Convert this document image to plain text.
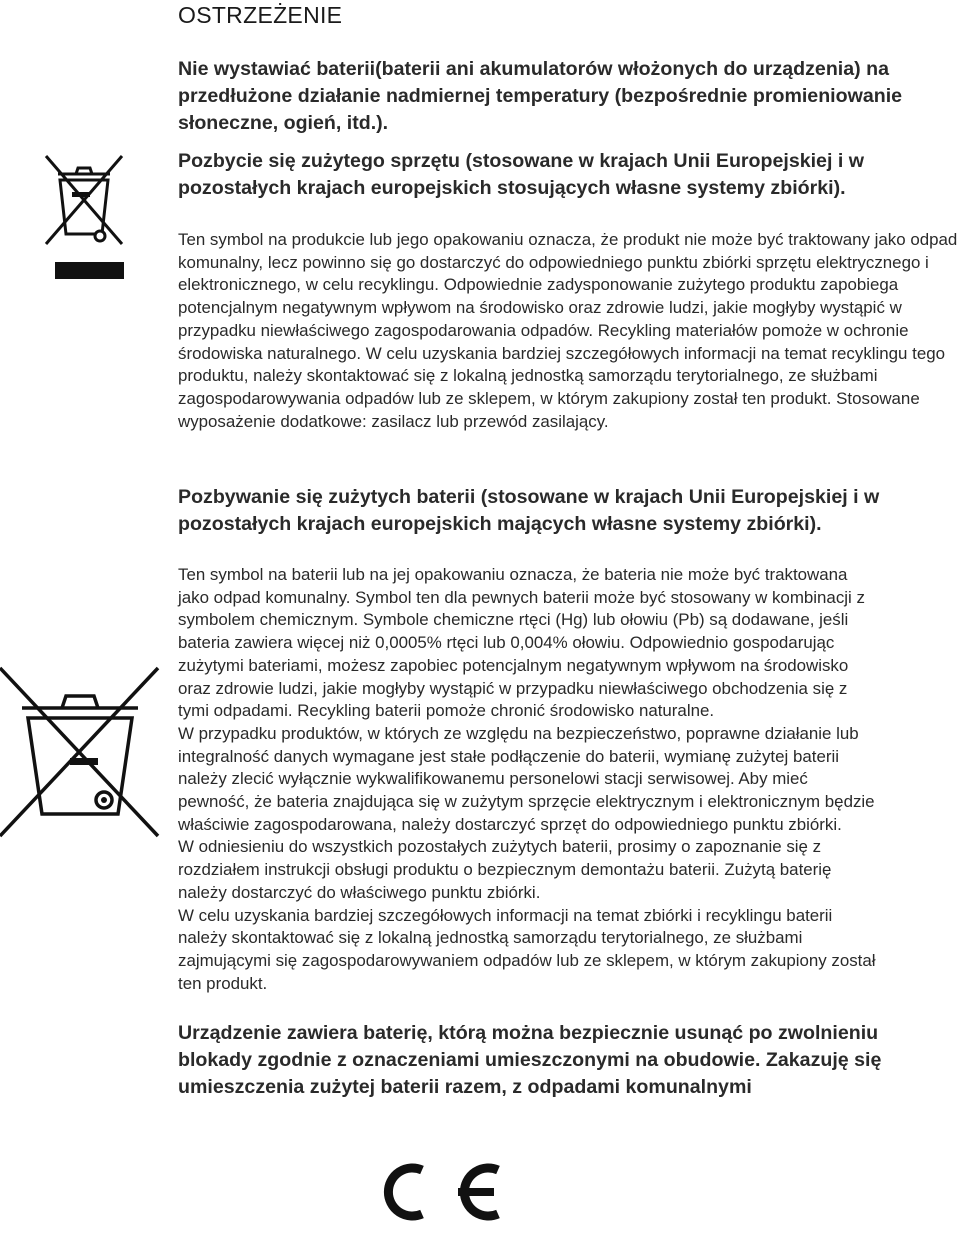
OSTRZEŻENIE

Nie wystawiać baterii(baterii ani akumulatorów włożonych do urządzenia) na przedłużone działanie nadmiernej temperatury (bezpośrednie promieniowanie słoneczne, ogień, itd.).

Pozbycie się zużytego sprzętu (stosowane w krajach Unii Europejskiej i w pozostałych krajach europejskich stosujących własne systemy zbiórki).

Ten symbol na produkcie lub jego opakowaniu oznacza, że produkt nie może być traktowany jako odpad komunalny, lecz powinno się go dostarczyć do odpowiedniego punktu zbiórki sprzętu elektrycznego i elektronicznego, w celu recyklingu. Odpowiednie zadysponowanie zużytego produktu zapobiega potencjalnym negatywnym wpływom na środowisko oraz zdrowie ludzi, jakie mogłyby wystąpić w przypadku niewłaściwego zagospodarowania odpadów. Recykling materiałów pomoże w ochronie środowiska naturalnego. W celu uzyskania bardziej szczegółowych informacji na temat recyklingu tego produktu, należy skontaktować się z lokalną jednostką samorządu terytorialnego, ze służbami zagospodarowywania odpadów lub ze sklepem, w którym zakupiony został ten produkt. Stosowane wyposażenie dodatkowe: zasilacz lub przewód zasilający.

Pozbywanie się zużytych baterii (stosowane w krajach Unii Europejskiej i w pozostałych krajach europejskich mających własne systemy zbiórki).

Ten symbol na baterii lub na jej opakowaniu oznacza, że bateria nie może być traktowana
jako odpad komunalny. Symbol ten dla pewnych baterii może być stosowany w kombinacji z
symbolem chemicznym. Symbole chemiczne rtęci (Hg) lub ołowiu (Pb) są dodawane, jeśli
bateria zawiera więcej niż 0,0005% rtęci lub 0,004% ołowiu. Odpowiednio gospodarując
zużytymi bateriami, możesz zapobiec potencjalnym negatywnym wpływom na środowisko
oraz zdrowie ludzi, jakie mogłyby wystąpić w przypadku niewłaściwego obchodzenia się z
tymi odpadami. Recykling baterii pomoże chronić środowisko naturalne.
W przypadku produktów, w których ze względu na bezpieczeństwo, poprawne działanie lub
integralność danych wymagane jest stałe podłączenie do baterii, wymianę zużytej baterii
należy zlecić wyłącznie wykwalifikowanemu personelowi stacji serwisowej. Aby mieć
pewność, że bateria znajdująca się w zużytym sprzęcie elektrycznym i elektronicznym będzie
właściwie zagospodarowana, należy dostarczyć sprzęt do odpowiedniego punktu zbiórki.
W odniesieniu do wszystkich pozostałych zużytych baterii, prosimy o zapoznanie się z
rozdziałem instrukcji obsługi produktu o bezpiecznym demontażu baterii. Zużytą baterię
należy dostarczyć do właściwego punktu zbiórki.
W celu uzyskania bardziej szczegółowych informacji na temat zbiórki i recyklingu baterii
należy skontaktować się z lokalną jednostką samorządu terytorialnego, ze służbami
zajmującymi się zagospodarowywaniem odpadów lub ze sklepem, w którym zakupiony został
ten produkt.

Urządzenie zawiera baterię, którą można bezpiecznie usunąć po zwolnieniu blokady zgodnie z oznaczeniami umieszczonymi na obudowie. Zakazuję się umieszczenia zużytej baterii razem, z odpadami komunalnymi
